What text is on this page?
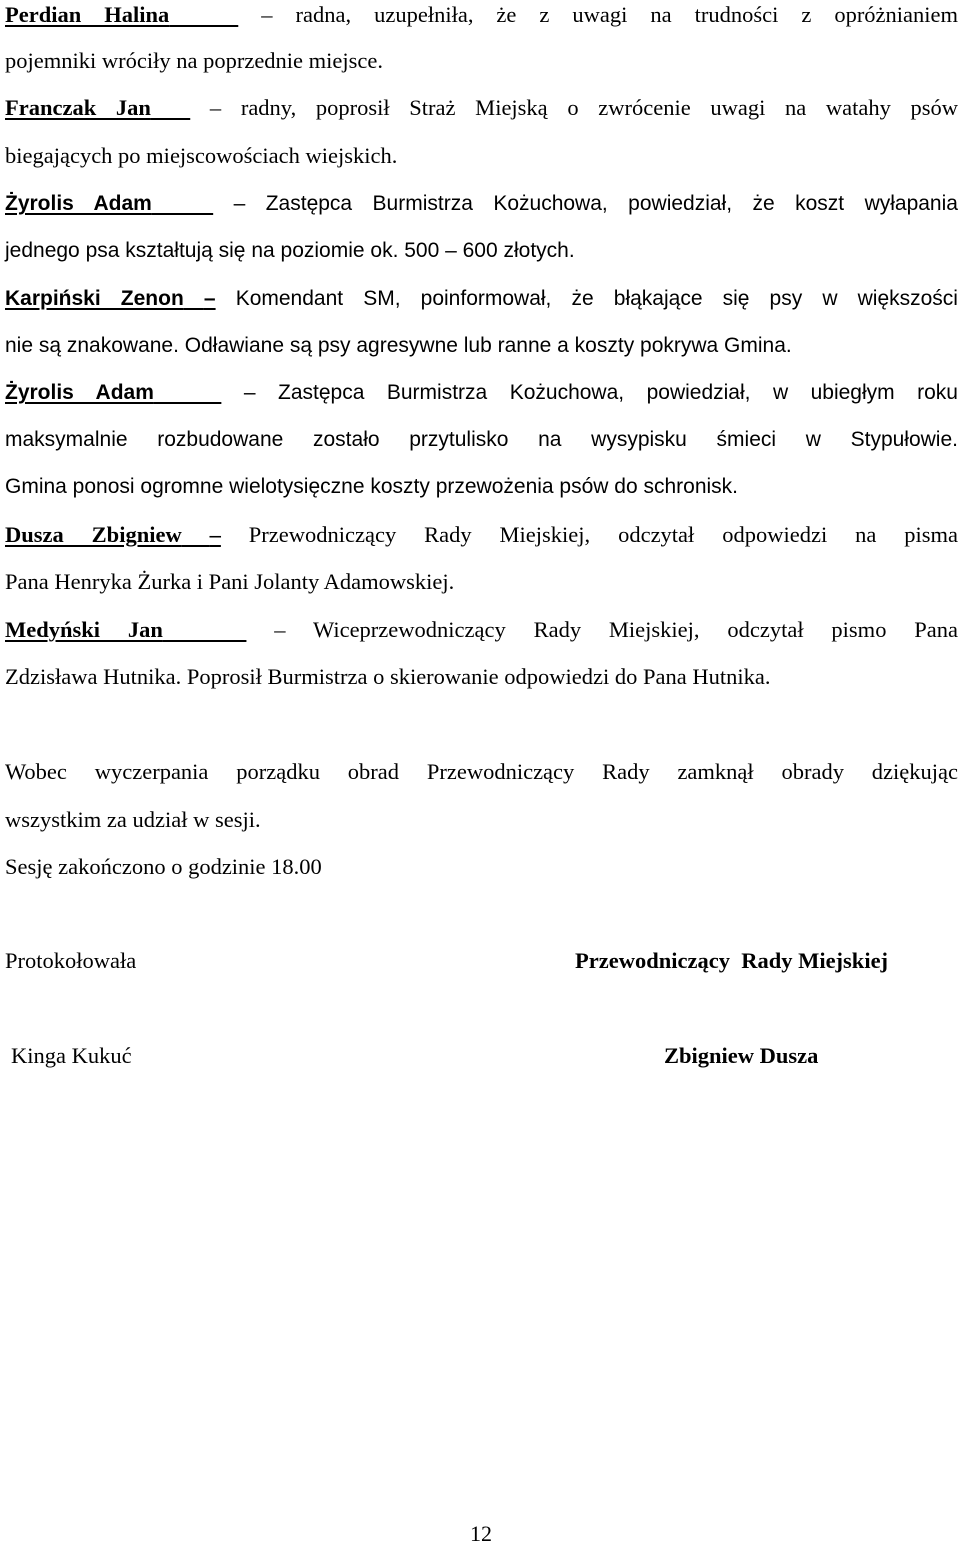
Perdian Halina	– radna, uzupełniła, że z uwagi na trudności z opróżnianiem
pojemniki wróciły na poprzednie miejsce.
Franczak Jan	– radny, poprosił Straż Miejską o zwrócenie uwagi na watahy psów
biegających po miejscowościach wiejskich.
Żyrolis Adam	– Zastępca Burmistrza Kożuchowa, powiedział, że koszt wyłapania
jednego psa kształtują się na poziomie ok. 500 – 600 złotych.
Karpiński Zenon – Komendant SM, poinformował, że błąkające się psy w większości
nie są znakowane. Odławiane są psy agresywne lub ranne a koszty pokrywa Gmina.
Żyrolis Adam	– Zastępca Burmistrza Kożuchowa, powiedział, w ubiegłym roku
maksymalnie rozbudowane zostało przytulisko na wysypisku śmieci w Stypułowie.
Gmina ponosi ogromne wielotysięczne koszty przewożenia psów do schronisk.
Dusza Zbigniew – Przewodniczący Rady Miejskiej, odczytał odpowiedzi na pisma
Pana Henryka Żurka i Pani Jolanty Adamowskiej.
Medyński Jan	– Wiceprzewodniczący Rady Miejskiej, odczytał pismo Pana
Zdzisława Hutnika. Poprosił Burmistrza o skierowanie odpowiedzi do Pana Hutnika.
Wobec wyczerpania porządku obrad Przewodniczący Rady zamknął obrady dziękując
wszystkim za udział w sesji.
Sesję zakończono o godzinie 18.00
Protokołowała	Przewodniczący  Rady Miejskiej
Kinga Kukuć	Zbigniew Dusza
12
